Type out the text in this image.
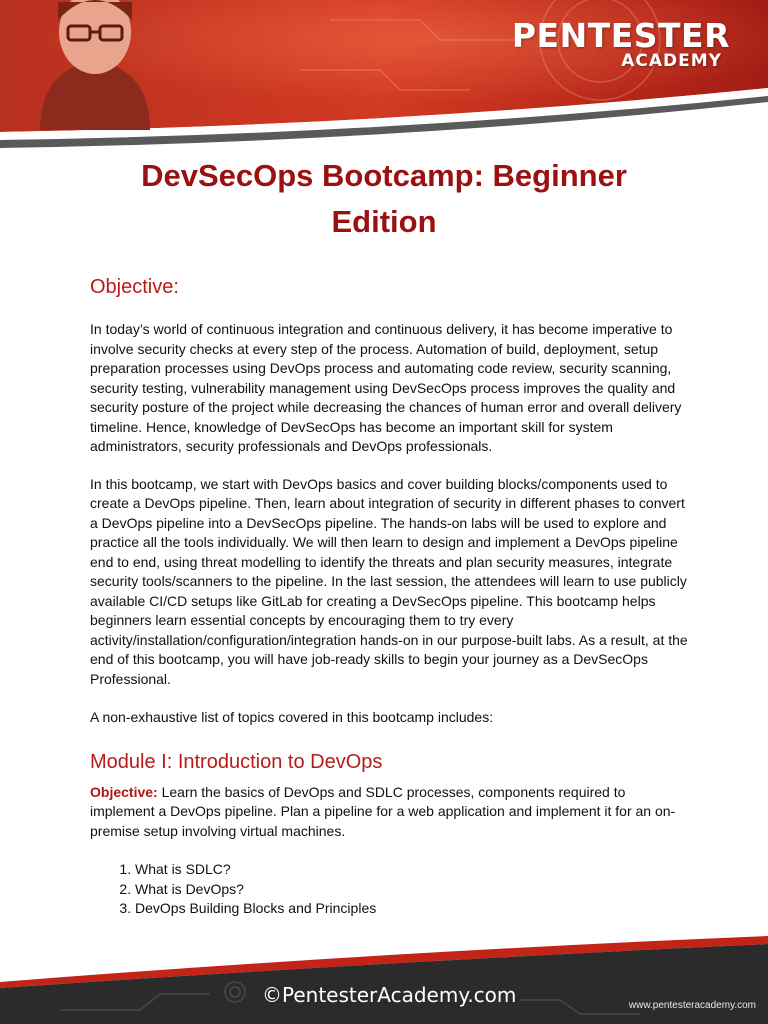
PENTESTER
ACADEMY
DevSecOps Bootcamp: Beginner
Edition
Objective:

In today’s world of continuous integration and continuous delivery, it has become imperative to involve security checks at every step of the process. Automation of build, deployment, setup preparation processes using DevOps process and automating code review, security scanning, security testing, vulnerability management using DevSecOps process improves the quality and security posture of the project while decreasing the chances of human error and overall delivery timeline. Hence, knowledge of DevSecOps has become an important skill for system administrators, security professionals and DevOps professionals.

In this bootcamp, we start with DevOps basics and cover building blocks/components used to create a DevOps pipeline. Then, learn about integration of security in different phases to convert a DevOps pipeline into a DevSecOps pipeline. The hands-on labs will be used to explore and practice all the tools individually. We will then learn to design and implement a DevOps pipeline end to end, using threat modelling to identify the threats and plan security measures, integrate security tools/scanners to the pipeline. In the last session, the attendees will learn to use publicly available CI/CD setups like GitLab for creating a DevSecOps pipeline. This bootcamp helps beginners learn essential concepts by encouraging them to try every activity/installation/configuration/integration hands-on in our purpose-built labs. As a result, at the end of this bootcamp, you will have job-ready skills to begin your journey as a DevSecOps Professional.

A non-exhaustive list of topics covered in this bootcamp includes:

Module I: Introduction to DevOps

Objective: Learn the basics of DevOps and SDLC processes, components required to implement a DevOps pipeline. Plan a pipeline for a web application and implement it for an on-premise setup involving virtual machines.

1. What is SDLC?
2. What is DevOps?
3. DevOps Building Blocks and Principles
©PentesterAcademy.com	www.pentesteracademy.com
